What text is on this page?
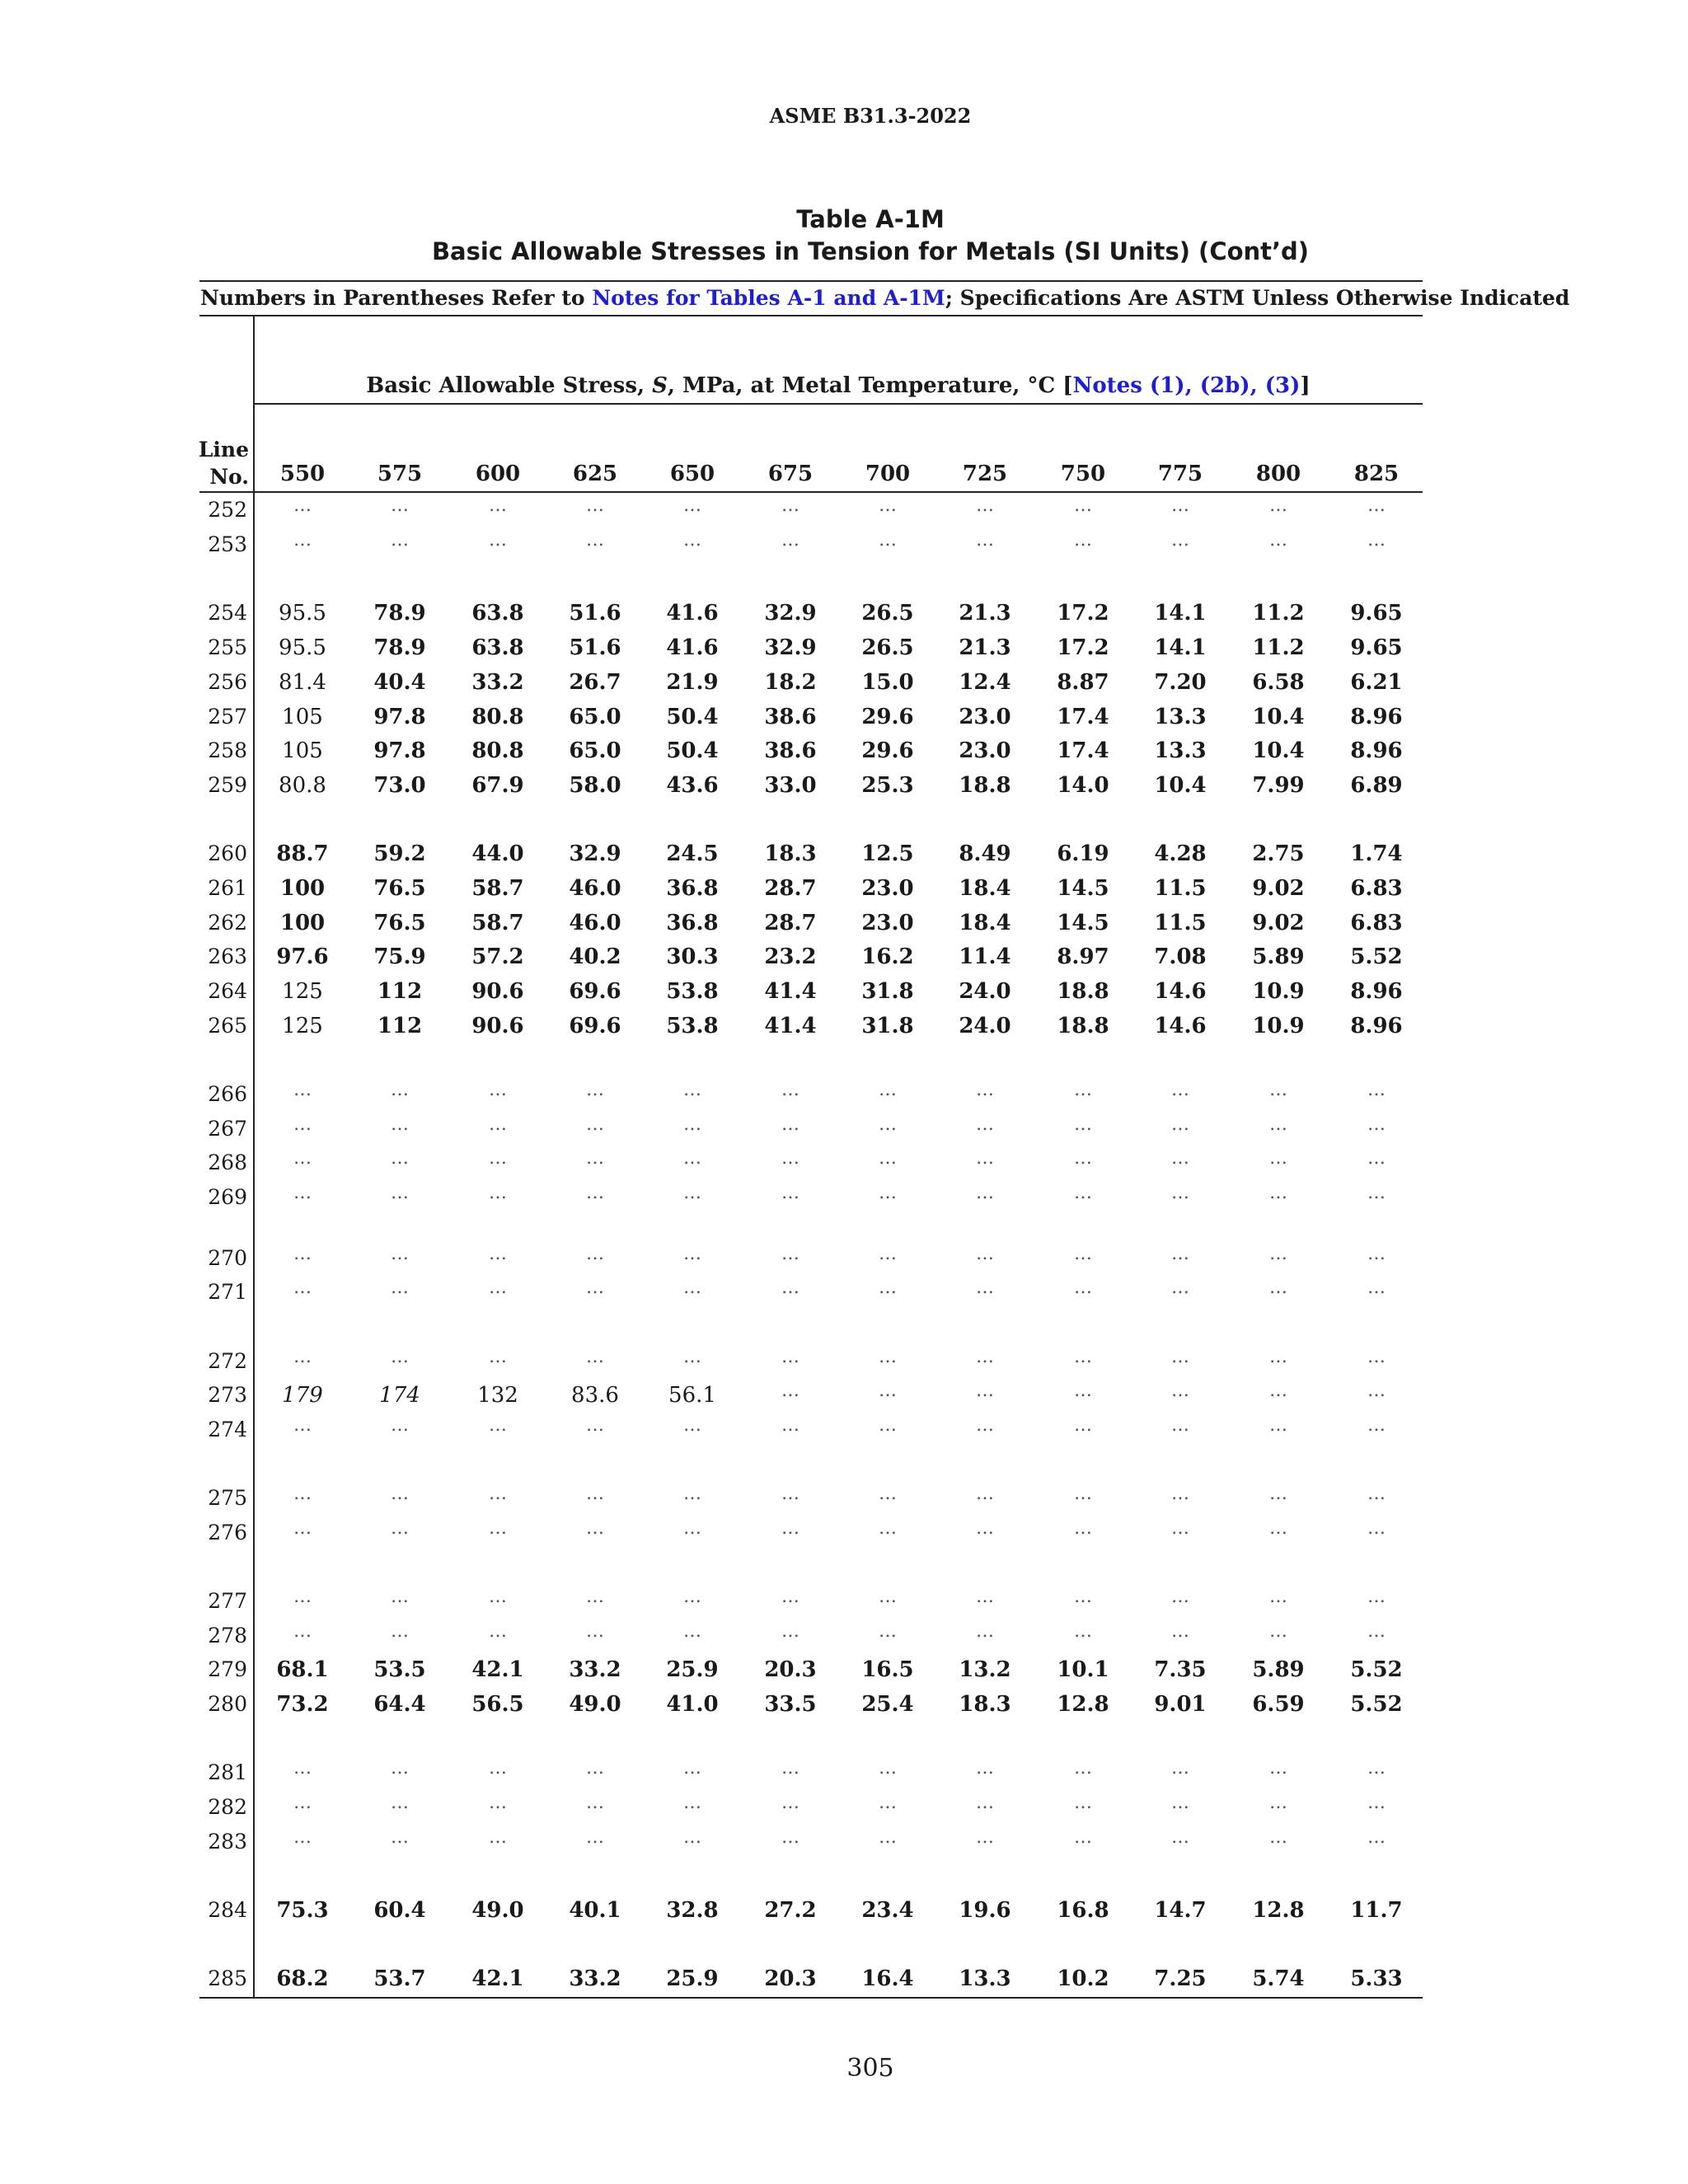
ASME B31.3-2022
Table A-1M
Basic Allowable Stresses in Tension for Metals (SI Units) (Cont’d)
Numbers in Parentheses Refer to Notes for Tables A-1 and A-1M; Specifications Are ASTM Unless Otherwise Indicated
Basic Allowable Stress, S, MPa, at Metal Temperature, °C [Notes (1), (2b), (3)]
Line
No.	550	575	600	625	650	675	700	725	750	775	800	825
252	…	…	…	…	…	…	…	…	…	…	…	…
253	…	…	…	…	…	…	…	…	…	…	…	…
254	95.5	78.9	63.8	51.6	41.6	32.9	26.5	21.3	17.2	14.1	11.2	9.65
255	95.5	78.9	63.8	51.6	41.6	32.9	26.5	21.3	17.2	14.1	11.2	9.65
256	81.4	40.4	33.2	26.7	21.9	18.2	15.0	12.4	8.87	7.20	6.58	6.21
257	105	97.8	80.8	65.0	50.4	38.6	29.6	23.0	17.4	13.3	10.4	8.96
258	105	97.8	80.8	65.0	50.4	38.6	29.6	23.0	17.4	13.3	10.4	8.96
259	80.8	73.0	67.9	58.0	43.6	33.0	25.3	18.8	14.0	10.4	7.99	6.89
260	88.7	59.2	44.0	32.9	24.5	18.3	12.5	8.49	6.19	4.28	2.75	1.74
261	100	76.5	58.7	46.0	36.8	28.7	23.0	18.4	14.5	11.5	9.02	6.83
262	100	76.5	58.7	46.0	36.8	28.7	23.0	18.4	14.5	11.5	9.02	6.83
263	97.6	75.9	57.2	40.2	30.3	23.2	16.2	11.4	8.97	7.08	5.89	5.52
264	125	112	90.6	69.6	53.8	41.4	31.8	24.0	18.8	14.6	10.9	8.96
265	125	112	90.6	69.6	53.8	41.4	31.8	24.0	18.8	14.6	10.9	8.96
266	…	…	…	…	…	…	…	…	…	…	…	…
267	…	…	…	…	…	…	…	…	…	…	…	…
268	…	…	…	…	…	…	…	…	…	…	…	…
269	…	…	…	…	…	…	…	…	…	…	…	…
270	…	…	…	…	…	…	…	…	…	…	…	…
271	…	…	…	…	…	…	…	…	…	…	…	…
272	…	…	…	…	…	…	…	…	…	…	…	…
273	179	174	132	83.6	56.1	…	…	…	…	…	…	…
274	…	…	…	…	…	…	…	…	…	…	…	…
275	…	…	…	…	…	…	…	…	…	…	…	…
276	…	…	…	…	…	…	…	…	…	…	…	…
277	…	…	…	…	…	…	…	…	…	…	…	…
278	…	…	…	…	…	…	…	…	…	…	…	…
279	68.1	53.5	42.1	33.2	25.9	20.3	16.5	13.2	10.1	7.35	5.89	5.52
280	73.2	64.4	56.5	49.0	41.0	33.5	25.4	18.3	12.8	9.01	6.59	5.52
281	…	…	…	…	…	…	…	…	…	…	…	…
282	…	…	…	…	…	…	…	…	…	…	…	…
283	…	…	…	…	…	…	…	…	…	…	…	…
284	75.3	60.4	49.0	40.1	32.8	27.2	23.4	19.6	16.8	14.7	12.8	11.7
285	68.2	53.7	42.1	33.2	25.9	20.3	16.4	13.3	10.2	7.25	5.74	5.33
305
